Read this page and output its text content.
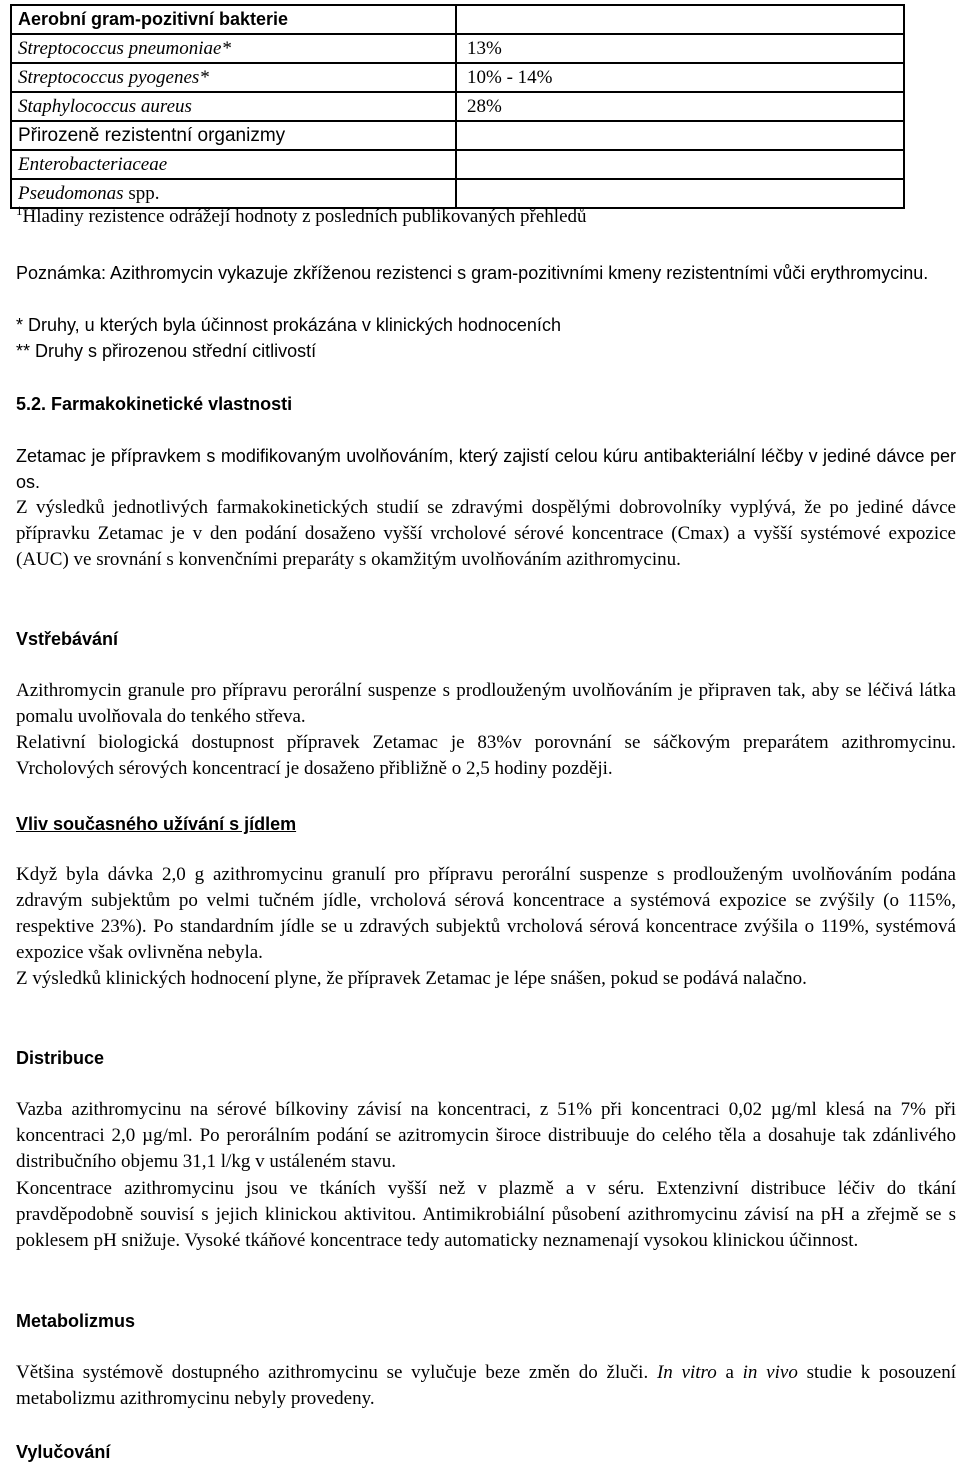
Aerobní gram-pozitivní bakterie	
Streptococcus pneumoniae*	13%
Streptococcus pyogenes*	10% - 14%
Staphylococcus aureus	28%
Přirozeně rezistentní organizmy	
Enterobacteriaceae	
Pseudomonas spp.	

$^1$Hladiny rezistence odrážejí hodnoty z posledních publikovaných přehledů

Poznámka: Azithromycin vykazuje zkříženou rezistenci s gram-pozitivními kmeny rezistentními vůči erythromycinu.

* Druhy, u kterých byla účinnost prokázána v klinických hodnoceních

** Druhy s přirozenou střední citlivostí

5.2. Farmakokinetické vlastnosti

Zetamac je přípravkem s modifikovaným uvolňováním, který zajistí celou kúru antibakteriální léčby v jediné dávce per os.

Z výsledků jednotlivých farmakokinetických studií se zdravými dospělými dobrovolníky vyplývá, že po jediné dávce přípravku Zetamac je v den podání dosaženo vyšší vrcholové sérové koncentrace (Cmax) a vyšší systémové expozice (AUC) ve srovnání s konvenčními preparáty s okamžitým uvolňováním azithromycinu.

Vstřebávání

Azithromycin granule pro přípravu perorální suspenze s prodlouženým uvolňováním je připraven tak, aby se léčivá látka pomalu uvolňovala do tenkého střeva.

Relativní biologická dostupnost přípravek Zetamac je 83%v porovnání se sáčkovým preparátem azithromycinu. Vrcholových sérových koncentrací je dosaženo přibližně o 2,5 hodiny později.

Vliv současného užívání s jídlem

Když byla dávka 2,0 g azithromycinu granulí pro přípravu perorální suspenze s prodlouženým uvolňováním podána zdravým subjektům po velmi tučném jídle, vrcholová sérová koncentrace a systémová expozice se zvýšily (o 115%, respektive 23%). Po standardním jídle se u zdravých subjektů vrcholová sérová koncentrace zvýšila o 119%, systémová expozice však ovlivněna nebyla.

Z výsledků klinických hodnocení plyne, že přípravek Zetamac je lépe snášen, pokud se podává nalačno.

Distribuce

Vazba azithromycinu na sérové bílkoviny závisí na koncentraci, z 51% při koncentraci 0,02 µg/ml klesá na 7% při koncentraci 2,0 µg/ml. Po perorálním podání se azitromycin široce distribuuje do celého těla a dosahuje tak zdánlivého distribučního objemu 31,1 l/kg v ustáleném stavu.

Koncentrace azithromycinu jsou ve tkáních vyšší než v plazmě a v séru. Extenzivní distribuce léčiv do tkání pravděpodobně souvisí s jejich klinickou aktivitou. Antimikrobiální působení azithromycinu závisí na pH a zřejmě se s poklesem pH snižuje. Vysoké tkáňové koncentrace tedy automaticky neznamenají vysokou klinickou účinnost.

Metabolizmus

Většina systémově dostupného azithromycinu se vylučuje beze změn do žluči. In vitro a in vivo studie k posouzení metabolizmu azithromycinu nebyly provedeny.

Vylučování
